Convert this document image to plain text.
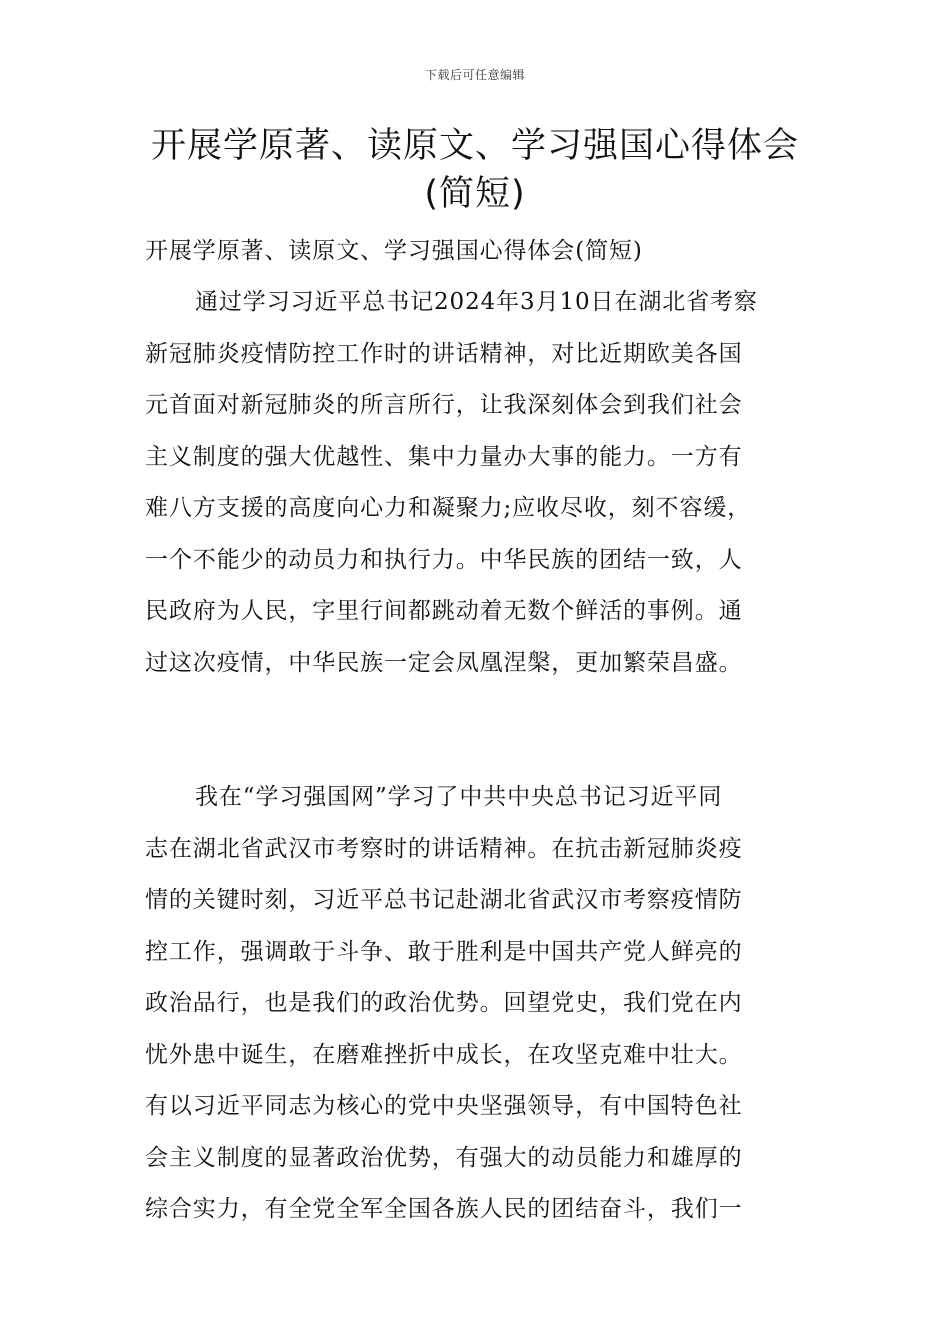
下载后可任意编辑
开展学原著、读原文、学习强国心得体会
(简短)

开展学原著、读原文、学习强国心得体会(简短)

通过学习习近平总书记2024年3月10日在湖北省考察
新冠肺炎疫情防控工作时的讲话精神，对比近期欧美各国
元首面对新冠肺炎的所言所行，让我深刻体会到我们社会
主义制度的强大优越性、集中力量办大事的能力。一方有
难八方支援的高度向心力和凝聚力;应收尽收，刻不容缓，
一个不能少的动员力和执行力。中华民族的团结一致，人
民政府为人民，字里行间都跳动着无数个鲜活的事例。通
过这次疫情，中华民族一定会凤凰涅槃，更加繁荣昌盛。

我在“学习强国网”学习了中共中央总书记习近平同
志在湖北省武汉市考察时的讲话精神。在抗击新冠肺炎疫
情的关键时刻，习近平总书记赴湖北省武汉市考察疫情防
控工作，强调敢于斗争、敢于胜利是中国共产党人鲜亮的
政治品行，也是我们的政治优势。回望党史，我们党在内
忧外患中诞生，在磨难挫折中成长，在攻坚克难中壮大。
有以习近平同志为核心的党中央坚强领导，有中国特色社
会主义制度的显著政治优势，有强大的动员能力和雄厚的
综合实力，有全党全军全国各族人民的团结奋斗，我们一
